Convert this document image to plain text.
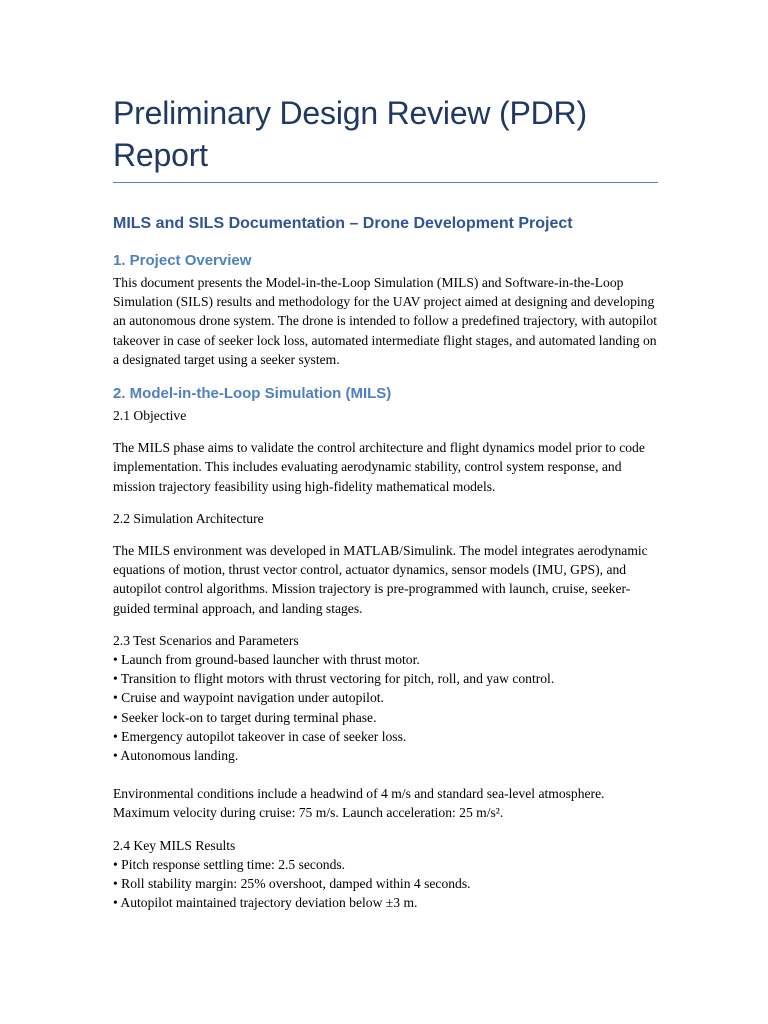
Preliminary Design Review (PDR) Report
MILS and SILS Documentation – Drone Development Project
1. Project Overview

This document presents the Model-in-the-Loop Simulation (MILS) and Software-in-the-Loop Simulation (SILS) results and methodology for the UAV project aimed at designing and developing an autonomous drone system. The drone is intended to follow a predefined trajectory, with autopilot takeover in case of seeker lock loss, automated intermediate flight stages, and automated landing on a designated target using a seeker system.

2. Model-in-the-Loop Simulation (MILS)
2.1 Objective

The MILS phase aims to validate the control architecture and flight dynamics model prior to code implementation. This includes evaluating aerodynamic stability, control system response, and mission trajectory feasibility using high-fidelity mathematical models.

2.2 Simulation Architecture

The MILS environment was developed in MATLAB/Simulink. The model integrates aerodynamic equations of motion, thrust vector control, actuator dynamics, sensor models (IMU, GPS), and autopilot control algorithms. Mission trajectory is pre-programmed with launch, cruise, seeker-guided terminal approach, and landing stages.

2.3 Test Scenarios and Parameters
• Launch from ground-based launcher with thrust motor.
• Transition to flight motors with thrust vectoring for pitch, roll, and yaw control.
• Cruise and waypoint navigation under autopilot.
• Seeker lock-on to target during terminal phase.
• Emergency autopilot takeover in case of seeker loss.
• Autonomous landing.

Environmental conditions include a headwind of 4 m/s and standard sea-level atmosphere. Maximum velocity during cruise: 75 m/s. Launch acceleration: 25 m/s².

2.4 Key MILS Results
• Pitch response settling time: 2.5 seconds.
• Roll stability margin: 25% overshoot, damped within 4 seconds.
• Autopilot maintained trajectory deviation below ±3 m.
